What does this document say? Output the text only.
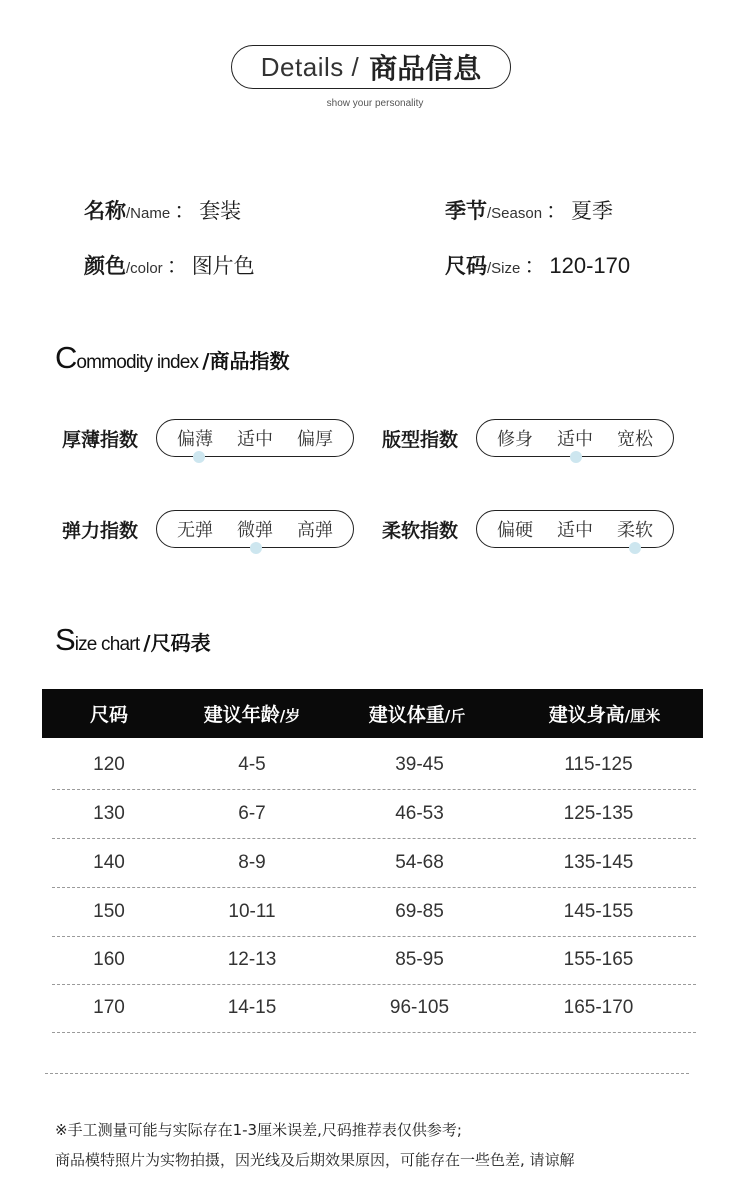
Details / 商品信息
show your personality
名称 /Name ： 套装	季节 /Season ： 夏季
颜色 /color ： 图片色	尺码 /Size ： 120-170
C ommodity index /商品指数
厚薄指数	偏薄 适中 偏厚	版型指数	修身 适中 宽松
弹力指数	无弹 微弹 高弹	柔软指数	偏硬 适中 柔软
S ize chart /尺码表
尺码	建议年龄/岁	建议体重/斤	建议身高/厘米
120	4-5	39-45	115-125
130	6-7	46-53	125-135
140	8-9	54-68	135-145
150	10-11	69-85	145-155
160	12-13	85-95	155-165
170	14-15	96-105	165-170
※手工测量可能与实际存在1-3厘米误差,尺码推荐表仅供参考;
商品模特照片为实物拍摄，因光线及后期效果原因，可能存在一些色差, 请谅解
